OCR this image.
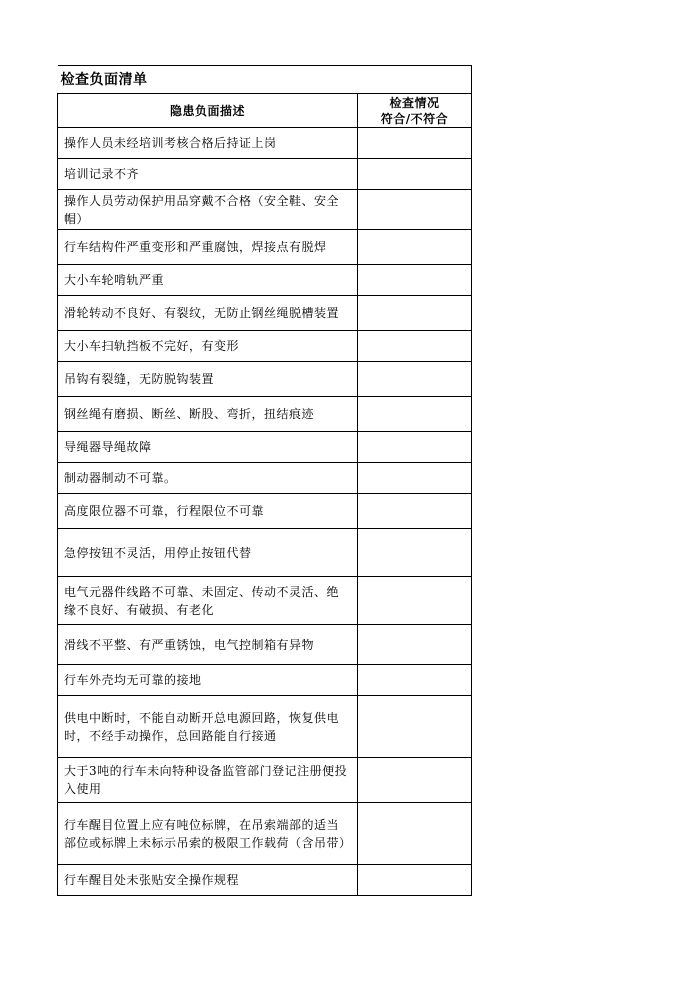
检查负面清单	
隐患负面描述	检查情况
符合/不符合

操作人员未经培训考核合格后持证上岗	
培训记录不齐	
操作人员劳动保护用品穿戴不合格（安全鞋、安全帽）	
行车结构件严重变形和严重腐蚀，焊接点有脱焊	
大小车轮啃轨严重	
滑轮转动不良好、有裂纹，无防止钢丝绳脱槽装置	
大小车扫轨挡板不完好，有变形	
吊钩有裂缝，无防脱钩装置	
钢丝绳有磨损、断丝、断股、弯折，扭结痕迹	
导绳器导绳故障	
制动器制动不可靠。	
高度限位器不可靠，行程限位不可靠	
急停按钮不灵活，用停止按钮代替	
电气元器件线路不可靠、未固定、传动不灵活、绝缘不良好、有破损、有老化	
滑线不平整、有严重锈蚀，电气控制箱有异物	
行车外壳均无可靠的接地	
供电中断时，不能自动断开总电源回路，恢复供电时，不经手动操作，总回路能自行接通	
大于3吨的行车未向特种设备监管部门登记注册便投入使用	
行车醒目位置上应有吨位标牌，在吊索端部的适当部位或标牌上未标示吊索的极限工作载荷（含吊带）	
行车醒目处未张贴安全操作规程	
